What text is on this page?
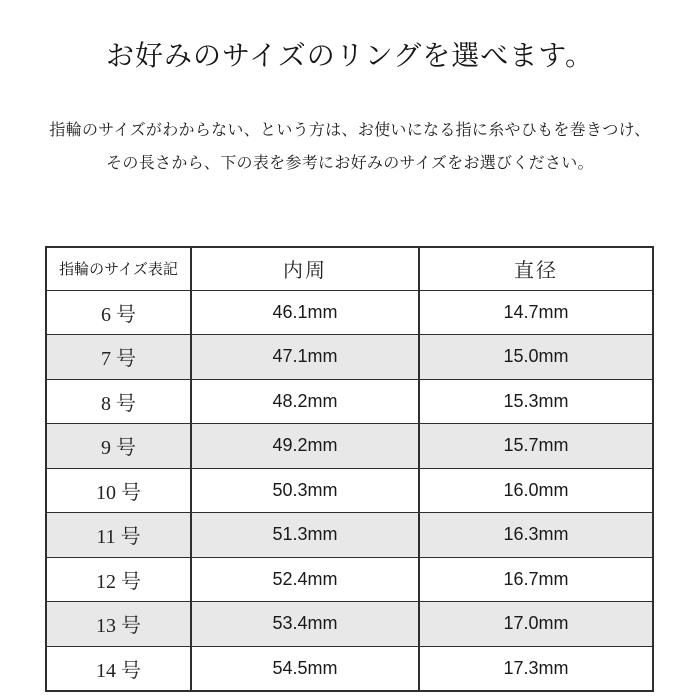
お好みのサイズのリングを選べます。

指輪のサイズがわからない、という方は、お使いになる指に糸やひもを巻きつけ、
その長さから、下の表を参考にお好みのサイズをお選びください。

指輪のサイズ表記	内周	直径
6 号	46.1mm	14.7mm
7 号	47.1mm	15.0mm
8 号	48.2mm	15.3mm
9 号	49.2mm	15.7mm
10 号	50.3mm	16.0mm
11 号	51.3mm	16.3mm
12 号	52.4mm	16.7mm
13 号	53.4mm	17.0mm
14 号	54.5mm	17.3mm
